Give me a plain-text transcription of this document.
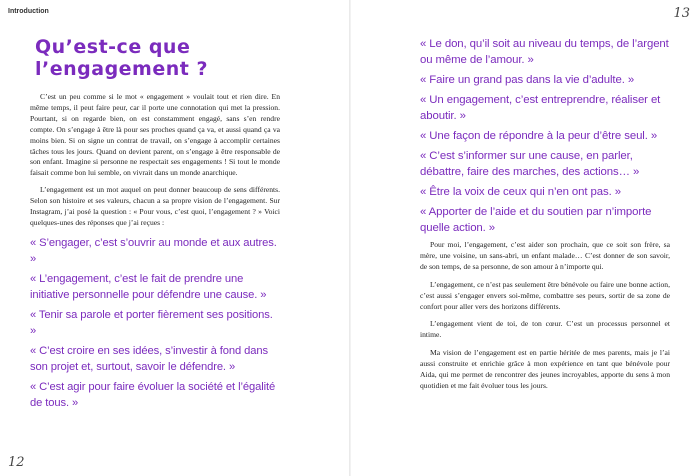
Introduction	13
12
Qu’est-ce que
l’engagement ?

C’est un peu comme si le mot « engagement » voulait tout et rien dire. En même temps, il peut faire peur, car il porte une connotation qui met la pression. Pourtant, si on regarde bien, on est constamment engagé, sans s’en rendre compte. On s’engage à être là pour ses proches quand ça va, et aussi quand ça va moins bien. Si on signe un contrat de travail, on s’engage à accomplir certaines tâches tous les jours. Quand on devient parent, on s’engage à être responsable de son enfant. Imagine si personne ne respectait ses engagements ! Si tout le monde faisait comme bon lui semble, on vivrait dans un monde anarchique.

L’engagement est un mot auquel on peut donner beaucoup de sens différents. Selon son histoire et ses valeurs, chacun a sa propre vision de l’engagement. Sur Instagram, j’ai posé la question : « Pour vous, c’est quoi, l’engagement ? » Voici quelques-unes des réponses que j’ai reçues :

« S’engager, c’est s’ouvrir au monde et aux autres. »

« L’engagement, c’est le fait de prendre une initiative personnelle pour défendre une cause. »

« Tenir sa parole et porter fièrement ses positions. »

« C’est croire en ses idées, s’investir à fond dans son projet et, surtout, savoir le défendre. »

« C’est agir pour faire évoluer la société et l’égalité de tous. »

« Le don, qu’il soit au niveau du temps, de l’argent ou même de l’amour. »

« Faire un grand pas dans la vie d’adulte. »

« Un engagement, c’est entreprendre, réaliser et aboutir. »

« Une façon de répondre à la peur d’être seul. »

« C’est s’informer sur une cause, en parler, débattre, faire des marches, des actions… »

« Être la voix de ceux qui n’en ont pas. »

« Apporter de l’aide et du soutien par n’importe quelle action. »

Pour moi, l’engagement, c’est aider son prochain, que ce soit son frère, sa mère, une voisine, un sans-abri, un enfant malade… C’est donner de son savoir, de son temps, de sa personne, de son amour à n’importe qui.

L’engagement, ce n’est pas seulement être bénévole ou faire une bonne action, c’est aussi s’engager envers soi-même, combattre ses peurs, sortir de sa zone de confort pour aller vers des horizons différents.

L’engagement vient de toi, de ton cœur. C’est un processus personnel et intime.

Ma vision de l’engagement est en partie héritée de mes parents, mais je l’ai aussi construite et enrichie grâce à mon expérience en tant que bénévole pour Aida, qui me permet de rencontrer des jeunes incroyables, apporte du sens à mon quotidien et me fait évoluer tous les jours.
